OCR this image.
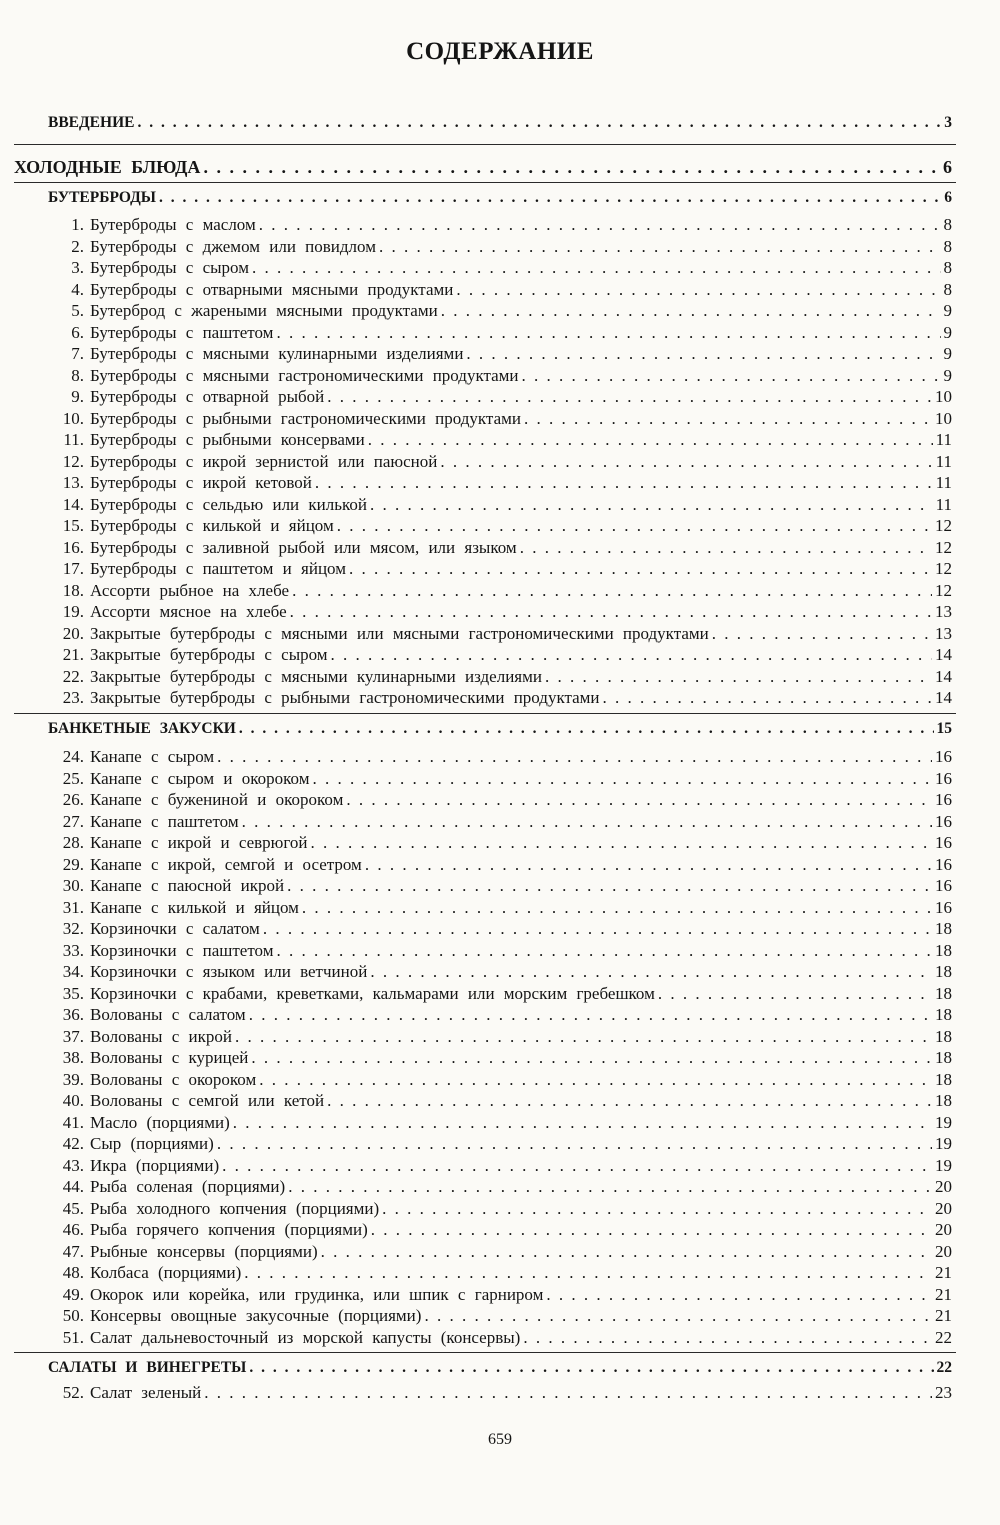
СОДЕРЖАНИЕ
ВВЕДЕНИЕ . . .	3
ХОЛОДНЫЕ БЛЮДА . . .	6
БУТЕРБРОДЫ . . .	6
1. Бутерброды с маслом . . .	8
2. Бутерброды с джемом или повидлом . . .	8
3. Бутерброды с сыром . . .	8
4. Бутерброды с отварными мясными продуктами . . .	8
5. Бутерброд с жареными мясными продуктами . . .	9
6. Бутерброды с паштетом . . .	9
7. Бутерброды с мясными кулинарными изделиями . . .	9
8. Бутерброды с мясными гастрономическими продуктами . . .	9
9. Бутерброды с отварной рыбой . . .	10
10. Бутерброды с рыбными гастрономическими продуктами . . .	10
11. Бутерброды с рыбными консервами . . .	11
12. Бутерброды с икрой зернистой или паюсной . . .	11
13. Бутерброды с икрой кетовой . . .	11
14. Бутерброды с сельдью или килькой . . .	11
15. Бутерброды с килькой и яйцом . . .	12
16. Бутерброды с заливной рыбой или мясом, или языком . . .	12
17. Бутерброды с паштетом и яйцом . . .	12
18. Ассорти рыбное на хлебе . . .	12
19. Ассорти мясное на хлебе . . .	13
20. Закрытые бутерброды с мясными или мясными гастрономическими продуктами . . .	13
21. Закрытые бутерброды с сыром . . .	14
22. Закрытые бутерброды с мясными кулинарными изделиями . . .	14
23. Закрытые бутерброды с рыбными гастрономическими продуктами . . .	14
БАНКЕТНЫЕ ЗАКУСКИ . . .	15
24. Канапе с сыром . . .	16
25. Канапе с сыром и окороком . . .	16
26. Канапе с бужениной и окороком . . .	16
27. Канапе с паштетом . . .	16
28. Канапе с икрой и севрюгой . . .	16
29. Канапе с икрой, семгой и осетром . . .	16
30. Канапе с паюсной икрой . . .	16
31. Канапе с килькой и яйцом . . .	16
32. Корзиночки с салатом . . .	18
33. Корзиночки с паштетом . . .	18
34. Корзиночки с языком или ветчиной . . .	18
35. Корзиночки с крабами, креветками, кальмарами или морским гребешком . . .	18
36. Волованы с салатом . . .	18
37. Волованы с икрой . . .	18
38. Волованы с курицей . . .	18
39. Волованы с окороком . . .	18
40. Волованы с семгой или кетой . . .	18
41. Масло (порциями) . . .	19
42. Сыр (порциями) . . .	19
43. Икра (порциями) . . .	19
44. Рыба соленая (порциями) . . .	20
45. Рыба холодного копчения (порциями) . . .	20
46. Рыба горячего копчения (порциями) . . .	20
47. Рыбные консервы (порциями) . . .	20
48. Колбаса (порциями) . . .	21
49. Окорок или корейка, или грудинка, или шпик с гарниром . . .	21
50. Консервы овощные закусочные (порциями) . . .	21
51. Салат дальневосточный из морской капусты (консервы) . . .	22
САЛАТЫ И ВИНЕГРЕТЫ . . .	22
52. Салат зеленый . . .	23
659
